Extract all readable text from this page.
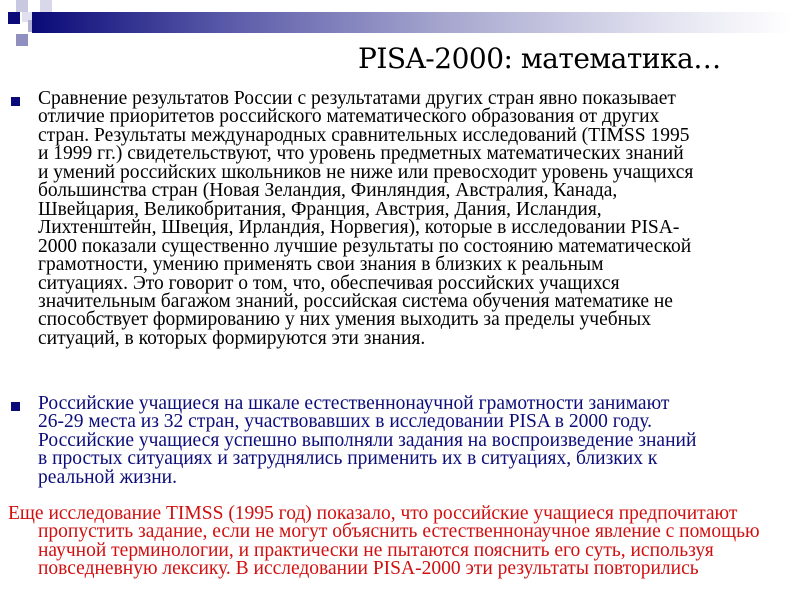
PISA-2000: математика…
Сравнение результатов России с результатами других стран явно показывает
отличие приоритетов российского математического образования от других
стран. Результаты международных сравнительных исследований (TIMSS 1995
и 1999 гг.) свидетельствуют, что уровень предметных математических знаний
и умений российских школьников не ниже или превосходит уровень учащихся
большинства стран (Новая Зеландия, Финляндия, Австралия, Канада,
Швейцария, Великобритания, Франция, Австрия, Дания, Исландия,
Лихтенштейн, Швеция, Ирландия, Норвегия), которые в исследовании PISA-
2000 показали существенно лучшие результаты по состоянию математической
грамотности, умению применять свои знания в близких к реальным
ситуациях. Это говорит о том, что, обеспечивая российских учащихся
значительным багажом знаний, российская система обучения математике не
способствует формированию у них умения выходить за пределы учебных
ситуаций, в которых формируются эти знания.
Российские учащиеся на шкале естественнонаучной грамотности занимают
26-29 места из 32 стран, участвовавших в исследовании PISA в 2000 году.
Российские учащиеся успешно выполняли задания на воспроизведение знаний
в простых ситуациях и затруднялись применить их в ситуациях, близких к
реальной жизни.
Еще исследование TIMSS (1995 год) показало, что российские учащиеся предпочитают
пропустить задание, если не могут объяснить естественнонаучное явление с помощью
научной терминологии, и практически не пытаются пояснить его суть, используя
повседневную лексику. В исследовании PISA-2000 эти результаты повторились
